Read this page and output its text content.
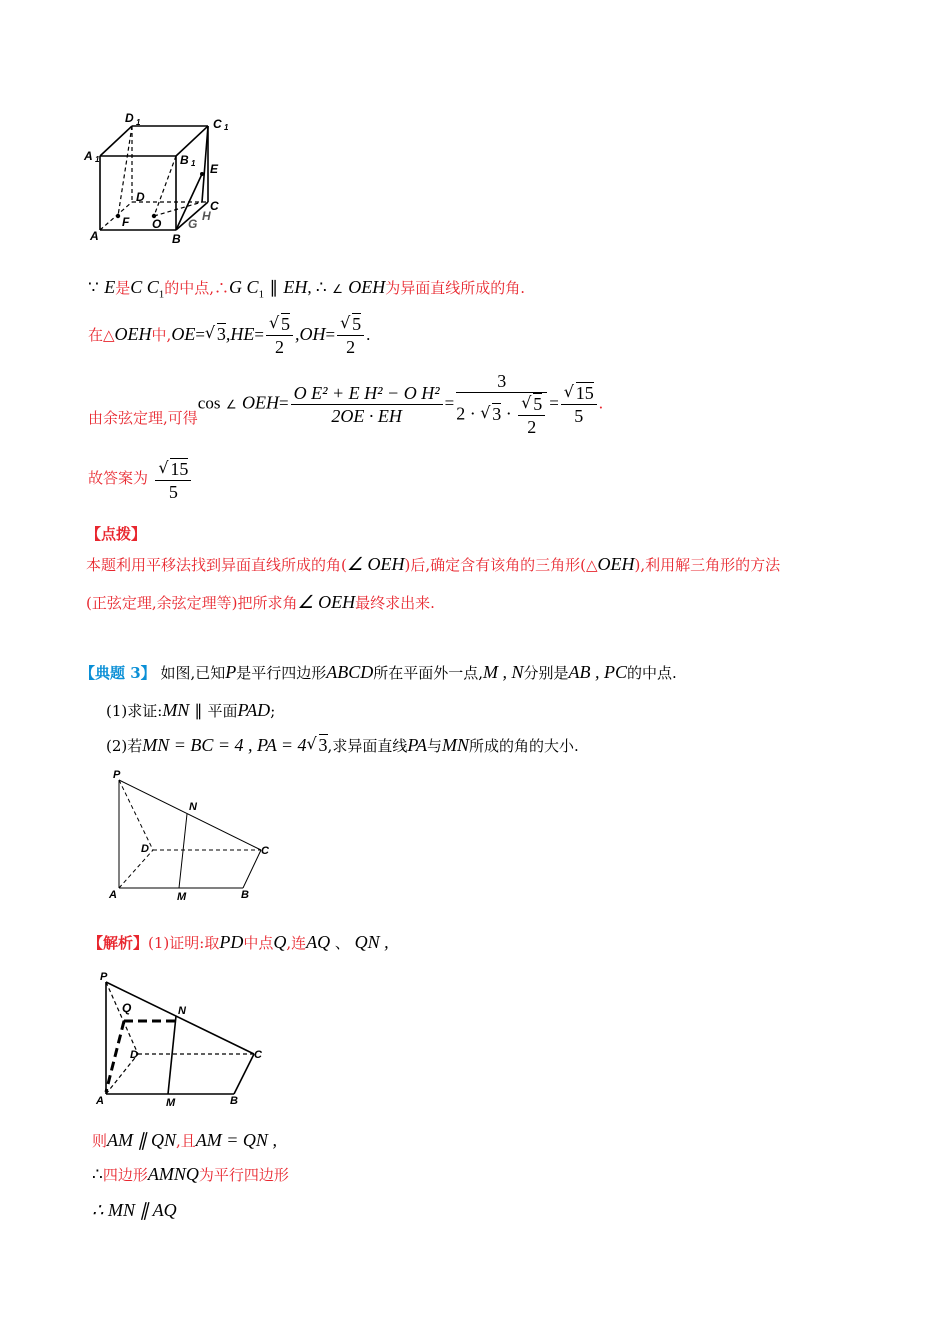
D 1	C 1
A 1	B 1 E
D
F O
C
H
G
A	B
∵ E是C $C_1$的中点,∴G $C_1$ ∥ EH, ∴ ∠ OEH为异面直线所成的角.
在△OEH中,OE=√ 3,HE=
√ $\frac{5}{2} ,OH=$
√ $\frac{5}{2}$ .
由余弦定理,可得cos ∠ $OEH= \frac{\text{O E² + E H² − O H²}}{2OE \cdot EH} = 3$
2 · √ 3 ·
√ $\frac{5}{2}$ =
√ $\frac{15}{5}$ .
故答案为
√ $\frac{15}{5}$
【点拨】
本题利用平移法找到异面直线所成的角(∠ OEH)后,确定含有该角的三角形(△OEH),利用解三角形的方法
(正弦定理,余弦定理等)把所求角∠ OEH最终求出来.
【典题 3】 如图,已知P是平行四边形ABCD所在平面外一点,M , N分别是AB , PC的中点.
(1)求证:MN ∥ 平面PAD;
(2)若MN = BC = 4 , PA = 4√ 3,求异面直线PA与MN所成的角的大小.
P
N
D	C
A	M	B
【解析】(1)证明:取PD中点Q,连AQ 、 QN ,
P
Q	N
D	C
A	M	B
则AM ∥ QN,且AM = QN ,
∴四边形AMNQ为平行四边形
∴ MN ∥ AQ
